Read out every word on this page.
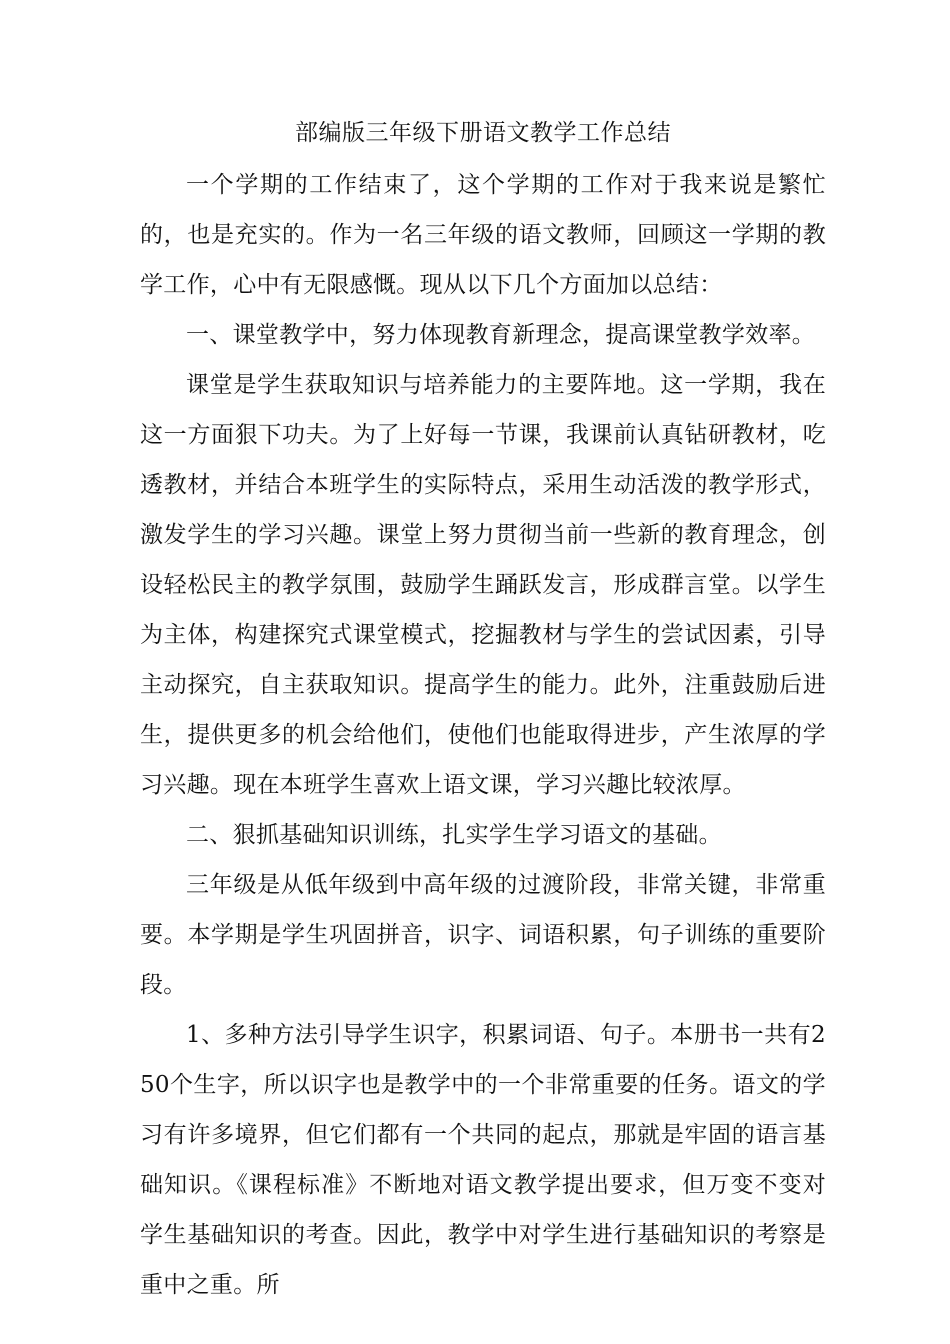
部编版三年级下册语文教学工作总结

一个学期的工作结束了，这个学期的工作对于我来说是繁忙的，也是充实的。作为一名三年级的语文教师，回顾这一学期的教学工作，心中有无限感慨。现从以下几个方面加以总结：

一、课堂教学中，努力体现教育新理念，提高课堂教学效率。

课堂是学生获取知识与培养能力的主要阵地。这一学期，我在这一方面狠下功夫。为了上好每一节课，我课前认真钻研教材，吃透教材，并结合本班学生的实际特点，采用生动活泼的教学形式，激发学生的学习兴趣。课堂上努力贯彻当前一些新的教育理念，创设轻松民主的教学氛围，鼓励学生踊跃发言，形成群言堂。以学生为主体，构建探究式课堂模式，挖掘教材与学生的尝试因素，引导主动探究，自主获取知识。提高学生的能力。此外，注重鼓励后进生，提供更多的机会给他们，使他们也能取得进步，产生浓厚的学习兴趣。现在本班学生喜欢上语文课，学习兴趣比较浓厚。

二、狠抓基础知识训练，扎实学生学习语文的基础。

三年级是从低年级到中高年级的过渡阶段，非常关键，非常重要。本学期是学生巩固拼音，识字、词语积累，句子训练的重要阶段。

1、多种方法引导学生识字，积累词语、句子。本册书一共有250个生字，所以识字也是教学中的一个非常重要的任务。语文的学习有许多境界，但它们都有一个共同的起点，那就是牢固的语言基础知识。《课程标准》不断地对语文教学提出要求，但万变不变对学生基础知识的考查。因此，教学中对学生进行基础知识的考察是重中之重。所
